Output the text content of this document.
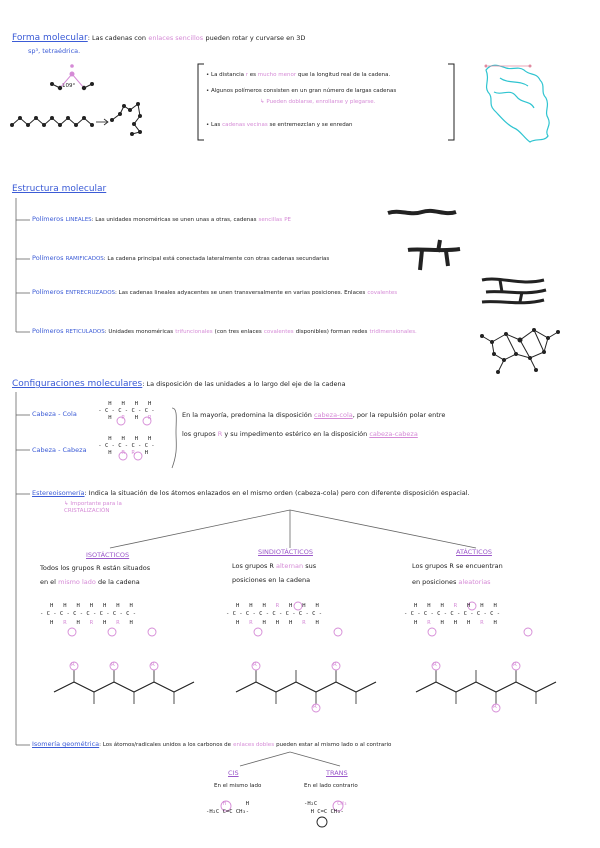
Forma molecular: Las cadenas con enlaces sencillos pueden rotar y curvarse en 3D
sp³, tetraédrica.
109°
• La distancia r es mucho menor que la longitud real de la cadena.
• Algunos polímeros consisten en un gran número de largas cadenas
↳ Pueden doblarse, enrollarse y plegarse.
• Las cadenas vecinas se entremezclan y se enredan
Estructura molecular
Polímeros LINEALES: Las unidades monoméricas se unen unas a otras, cadenas sencillas PE
Polímeros RAMIFICADOS: La cadena principal está conectada lateralmente con otras cadenas secundarias
Polímeros ENTRECRUZADOS: Las cadenas lineales adyacentes se unen transversalmente en varias posiciones. Enlaces covalentes
Polímeros RETICULADOS: Unidades monoméricas trifuncionales (con tres enlaces covalentes disponibles) forman redes tridimensionales.
Configuraciones moleculares: La disposición de las unidades a lo largo del eje de la cadena
Cabeza - Cola
H H H H
- C - C - C - C -
H R H R
Cabeza - Cabeza
H H H H
- C - C - C - C -
H R R H
En la mayoría, predomina la disposición cabeza-cola, por la repulsión polar entre
los grupos R y su impedimento estérico en la disposición cabeza-cabeza
Estereoisomería: Indica la situación de los átomos enlazados en el mismo orden (cabeza-cola) pero con diferente disposición espacial.
↳ Importante para la CRISTALIZACIÓN
ISOTÁCTICOS
Todos los grupos R están situados
en el mismo lado de la cadena
SINDIOTÁCTICOS
Los grupos R alternan sus
posiciones en la cadena
ATÁCTICOS
Los grupos R se encuentran
en posiciones aleatorias
H H H H H H H
- C - C - C - C - C - C - C -
H R H R H R H
H H H R H H H
- C - C - C - C - C - C - C -
H R H H H R H
H H H R H H H
- C - C - C - C - C - C - C -
H R H H H R H
R	R	R	R
R
R	R
R
R
Isomería geométrica: Los átomos/radicales unidos a los carbonos de enlaces dobles pueden estar al mismo lado o al contrario
CIS
En el mismo lado
H	H
-H₂C C=C CH₃-
TRANS
En el lado contrario
-H₂C	CH₃
H C=C CH₃-
